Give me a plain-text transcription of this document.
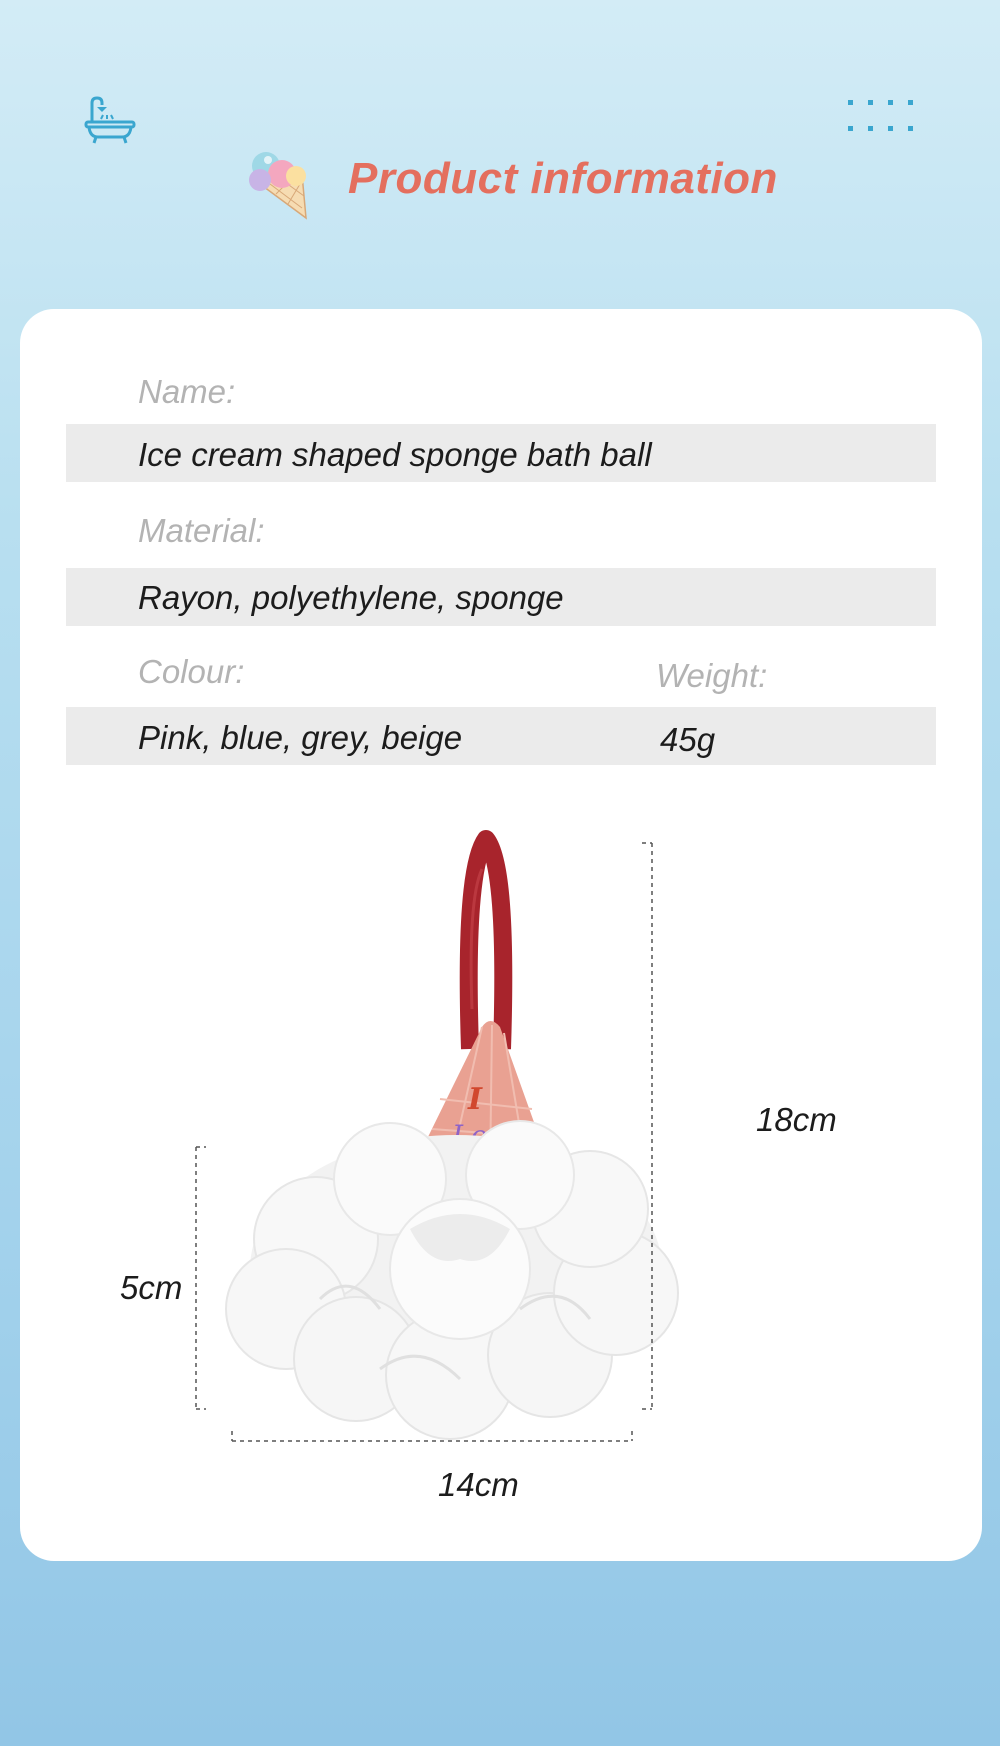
Product information
Name:
Ice cream shaped sponge bath ball
Material:
Rayon, polyethylene, sponge
Colour:	Weight:
Pink, blue, grey, beige	45g
I
18cm
5cm
14cm
